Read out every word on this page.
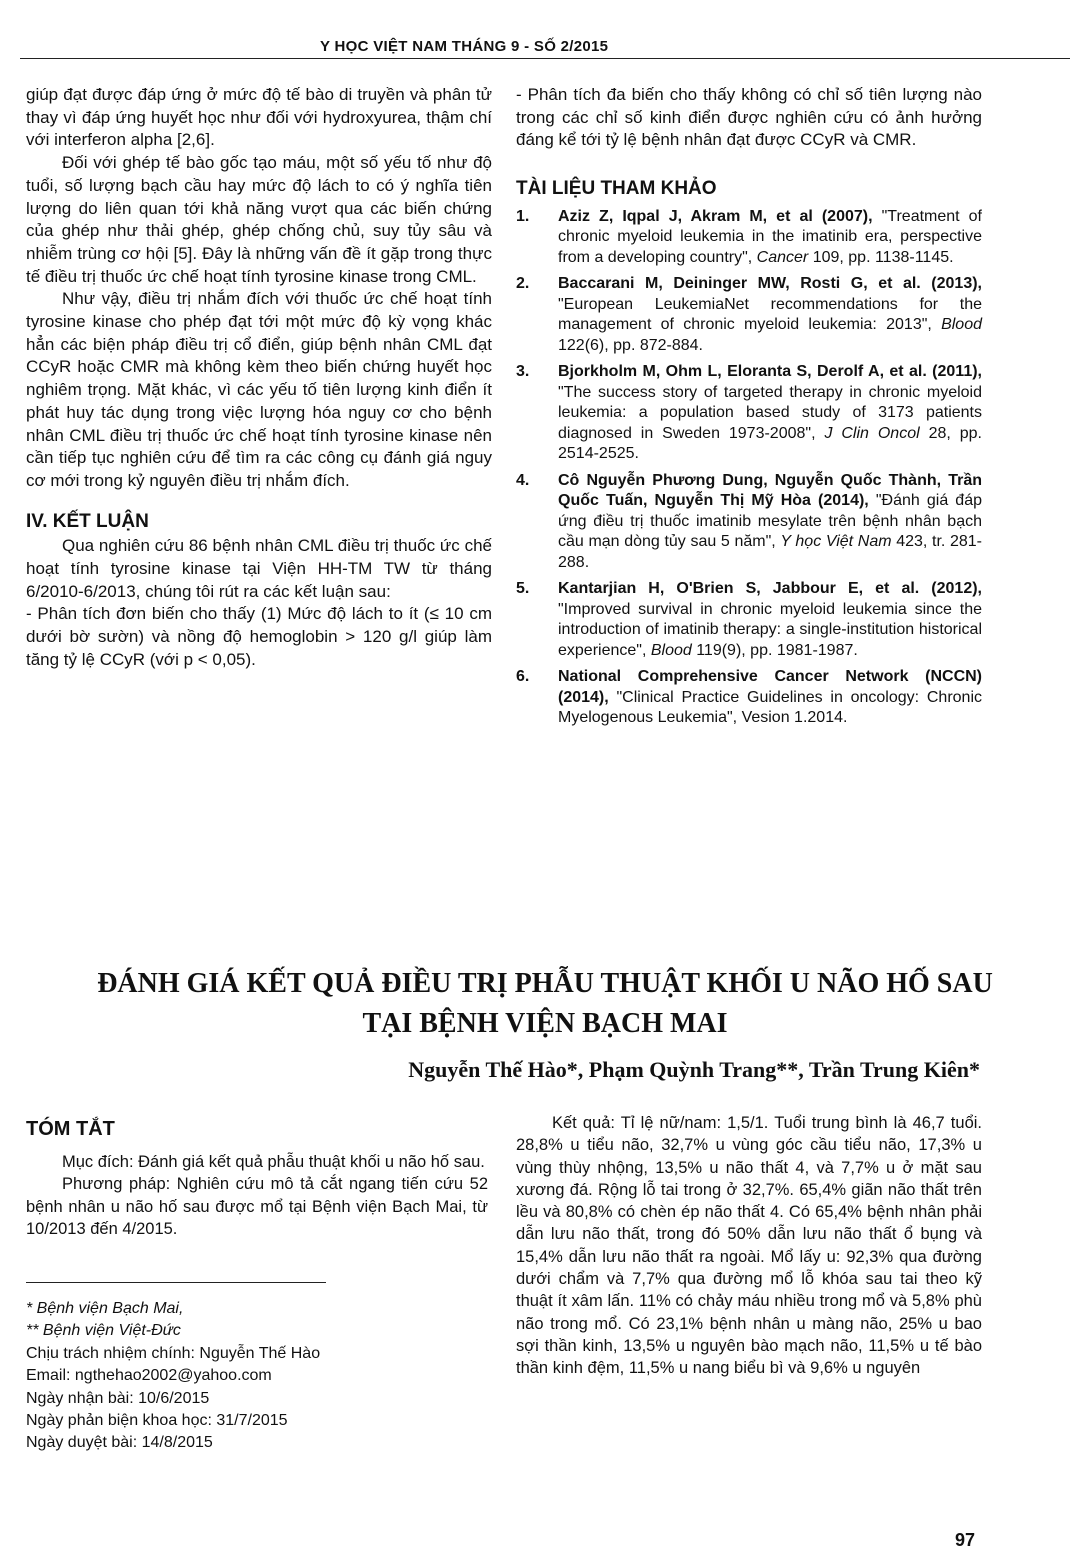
Y HỌC VIỆT NAM THÁNG 9 - SỐ 2/2015

giúp đạt được đáp ứng ở mức độ tế bào di truyền và phân tử thay vì đáp ứng huyết học như đối với hydroxyurea, thậm chí với interferon alpha [2,6].

Đối với ghép tế bào gốc tạo máu, một số yếu tố như độ tuổi, số lượng bạch cầu hay mức độ lách to có ý nghĩa tiên lượng do liên quan tới khả năng vượt qua các biến chứng của ghép như thải ghép, ghép chống chủ, suy tủy sâu và nhiễm trùng cơ hội [5]. Đây là những vấn đề ít gặp trong thực tế điều trị thuốc ức chế hoạt tính tyrosine kinase trong CML.

Như vậy, điều trị nhắm đích với thuốc ức chế hoạt tính tyrosine kinase cho phép đạt tới một mức độ kỳ vọng khác hẳn các biện pháp điều trị cổ điển, giúp bệnh nhân CML đạt CCyR hoặc CMR mà không kèm theo biến chứng huyết học nghiêm trọng. Mặt khác, vì các yếu tố tiên lượng kinh điển ít phát huy tác dụng trong việc lượng hóa nguy cơ cho bệnh nhân CML điều trị thuốc ức chế hoạt tính tyrosine kinase nên cần tiếp tục nghiên cứu để tìm ra các công cụ đánh giá nguy cơ mới trong kỷ nguyên điều trị nhắm đích.

IV. KẾT LUẬN

Qua nghiên cứu 86 bệnh nhân CML điều trị thuốc ức chế hoạt tính tyrosine kinase tại Viện HH-TM TW từ tháng 6/2010-6/2013, chúng tôi rút ra các kết luận sau:

- Phân tích đơn biến cho thấy (1) Mức độ lách to ít (≤ 10 cm dưới bờ sườn) và nồng độ hemoglobin > 120 g/l giúp làm tăng tỷ lệ CCyR (với p < 0,05).

- Phân tích đa biến cho thấy không có chỉ số tiên lượng nào trong các chỉ số kinh điển được nghiên cứu có ảnh hưởng đáng kể tới tỷ lệ bệnh nhân đạt được CCyR và CMR.

TÀI LIỆU THAM KHẢO
1. Aziz Z, Iqpal J, Akram M, et al (2007), "Treatment of chronic myeloid leukemia in the imatinib era, perspective from a developing country", Cancer 109, pp. 1138-1145.
2. Baccarani M, Deininger MW, Rosti G, et al. (2013), "European LeukemiaNet recommendations for the management of chronic myeloid leukemia: 2013", Blood 122(6), pp. 872-884.
3. Bjorkholm M, Ohm L, Eloranta S, Derolf A, et al. (2011), "The success story of targeted therapy in chronic myeloid leukemia: a population based study of 3173 patients diagnosed in Sweden 1973-2008", J Clin Oncol 28, pp. 2514-2525.
4. Cô Nguyễn Phương Dung, Nguyễn Quốc Thành, Trần Quốc Tuấn, Nguyễn Thị Mỹ Hòa (2014), "Đánh giá đáp ứng điều trị thuốc imatinib mesylate trên bệnh nhân bạch cầu mạn dòng tủy sau 5 năm", Y học Việt Nam 423, tr. 281-288.
5. Kantarjian H, O'Brien S, Jabbour E, et al. (2012), "Improved survival in chronic myeloid leukemia since the introduction of imatinib therapy: a single-institution historical experience", Blood 119(9), pp. 1981-1987.
6. National Comprehensive Cancer Network (NCCN) (2014), "Clinical Practice Guidelines in oncology: Chronic Myelogenous Leukemia", Vesion 1.2014.
ĐÁNH GIÁ KẾT QUẢ ĐIỀU TRỊ PHẪU THUẬT KHỐI U NÃO HỐ SAU
TẠI BỆNH VIỆN BẠCH MAI
Nguyễn Thế Hào*, Phạm Quỳnh Trang**, Trần Trung Kiên*
TÓM TẮT

Mục đích: Đánh giá kết quả phẫu thuật khối u não hố sau.

Phương pháp: Nghiên cứu mô tả cắt ngang tiến cứu 52 bệnh nhân u não hố sau được mổ tại Bệnh viện Bạch Mai, từ 10/2013 đến 4/2015.

* Bệnh viện Bạch Mai,
** Bệnh viện Việt-Đức
Chịu trách nhiệm chính: Nguyễn Thế Hào
Email: ngthehao2002@yahoo.com
Ngày nhận bài: 10/6/2015
Ngày phản biện khoa học: 31/7/2015
Ngày duyệt bài: 14/8/2015

Kết quả: Tỉ lệ nữ/nam: 1,5/1. Tuổi trung bình là 46,7 tuổi. 28,8% u tiểu não, 32,7% u vùng góc cầu tiểu não, 17,3% u vùng thùy nhộng, 13,5% u não thất 4, và 7,7% u ở mặt sau xương đá. Rộng lỗ tai trong ở 32,7%. 65,4% giãn não thất trên lều và 80,8% có chèn ép não thất 4. Có 65,4% bệnh nhân phải dẫn lưu não thất, trong đó 50% dẫn lưu não thất ổ bụng và 15,4% dẫn lưu não thất ra ngoài. Mổ lấy u: 92,3% qua đường dưới chẩm và 7,7% qua đường mổ lỗ khóa sau tai theo kỹ thuật ít xâm lấn. 11% có chảy máu nhiều trong mổ và 5,8% phù não trong mổ. Có 23,1% bệnh nhân u màng não, 25% u bao sợi thần kinh, 13,5% u nguyên bào mạch não, 11,5% u tế bào thần kinh đệm, 11,5% u nang biểu bì và 9,6% u nguyên

97
